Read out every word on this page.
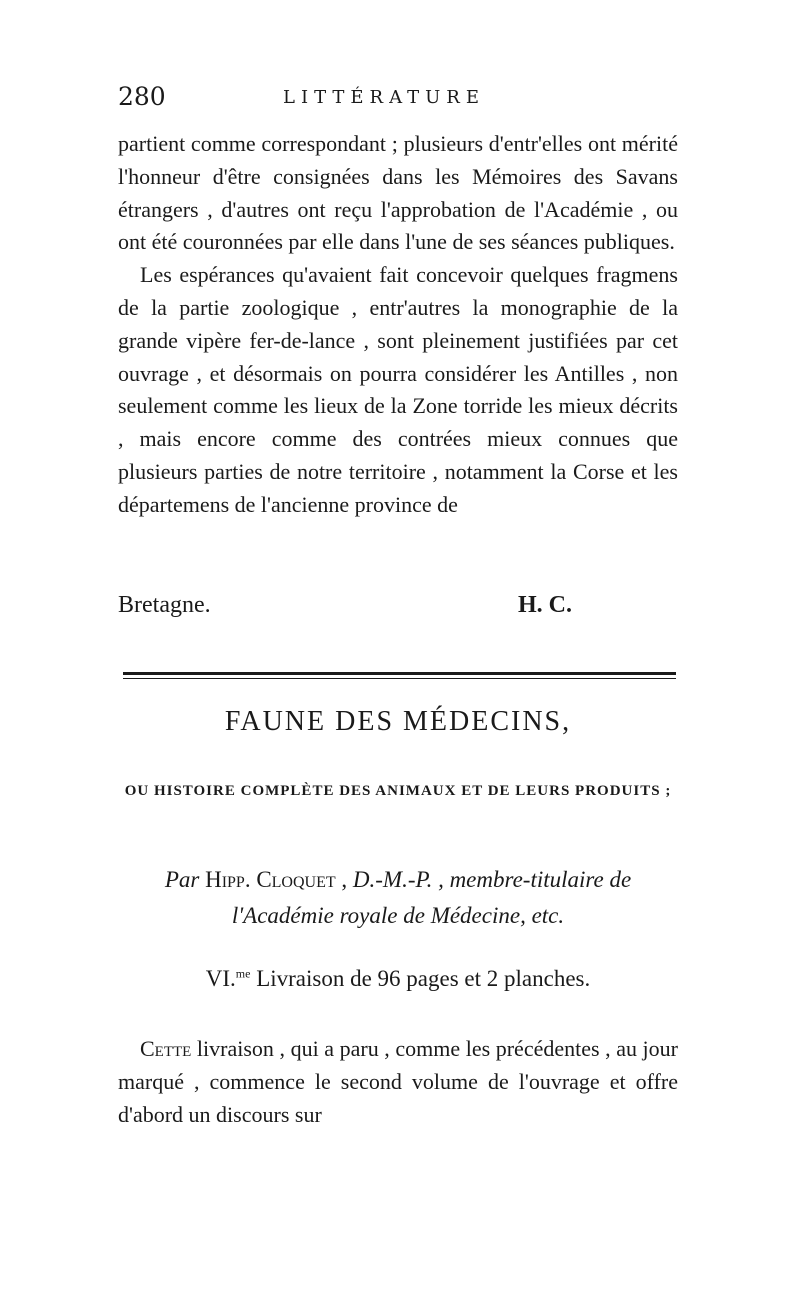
280	LITTÉRATURE

partient comme correspondant ; plusieurs d'entr'elles ont mérité l'honneur d'être consignées dans les Mémoires des Savans étrangers , d'autres ont reçu l'approbation de l'Académie , ou ont été couronnées par elle dans l'une de ses séances publiques.

Les espérances qu'avaient fait concevoir quelques fragmens de la partie zoologique , entr'autres la monographie de la grande vipère fer-de-lance , sont pleinement justifiées par cet ouvrage , et désormais on pourra considérer les Antilles , non seulement comme les lieux de la Zone torride les mieux décrits , mais encore comme des contrées mieux connues que plusieurs parties de notre territoire , notamment la Corse et les départemens de l'ancienne province de

Bretagne.	H. C.
FAUNE DES MÉDECINS,
OU HISTOIRE COMPLÈTE DES ANIMAUX ET DE LEURS PRODUITS ;
Par Hipp. Cloquet , D.-M.-P. , membre-titulaire de l'Académie royale de Médecine, etc.
VI.$^{me}$ Livraison de 96 pages et 2 planches.
Cette livraison , qui a paru , comme les précédentes , au jour marqué , commence le second volume de l'ouvrage et offre d'abord un discours sur
